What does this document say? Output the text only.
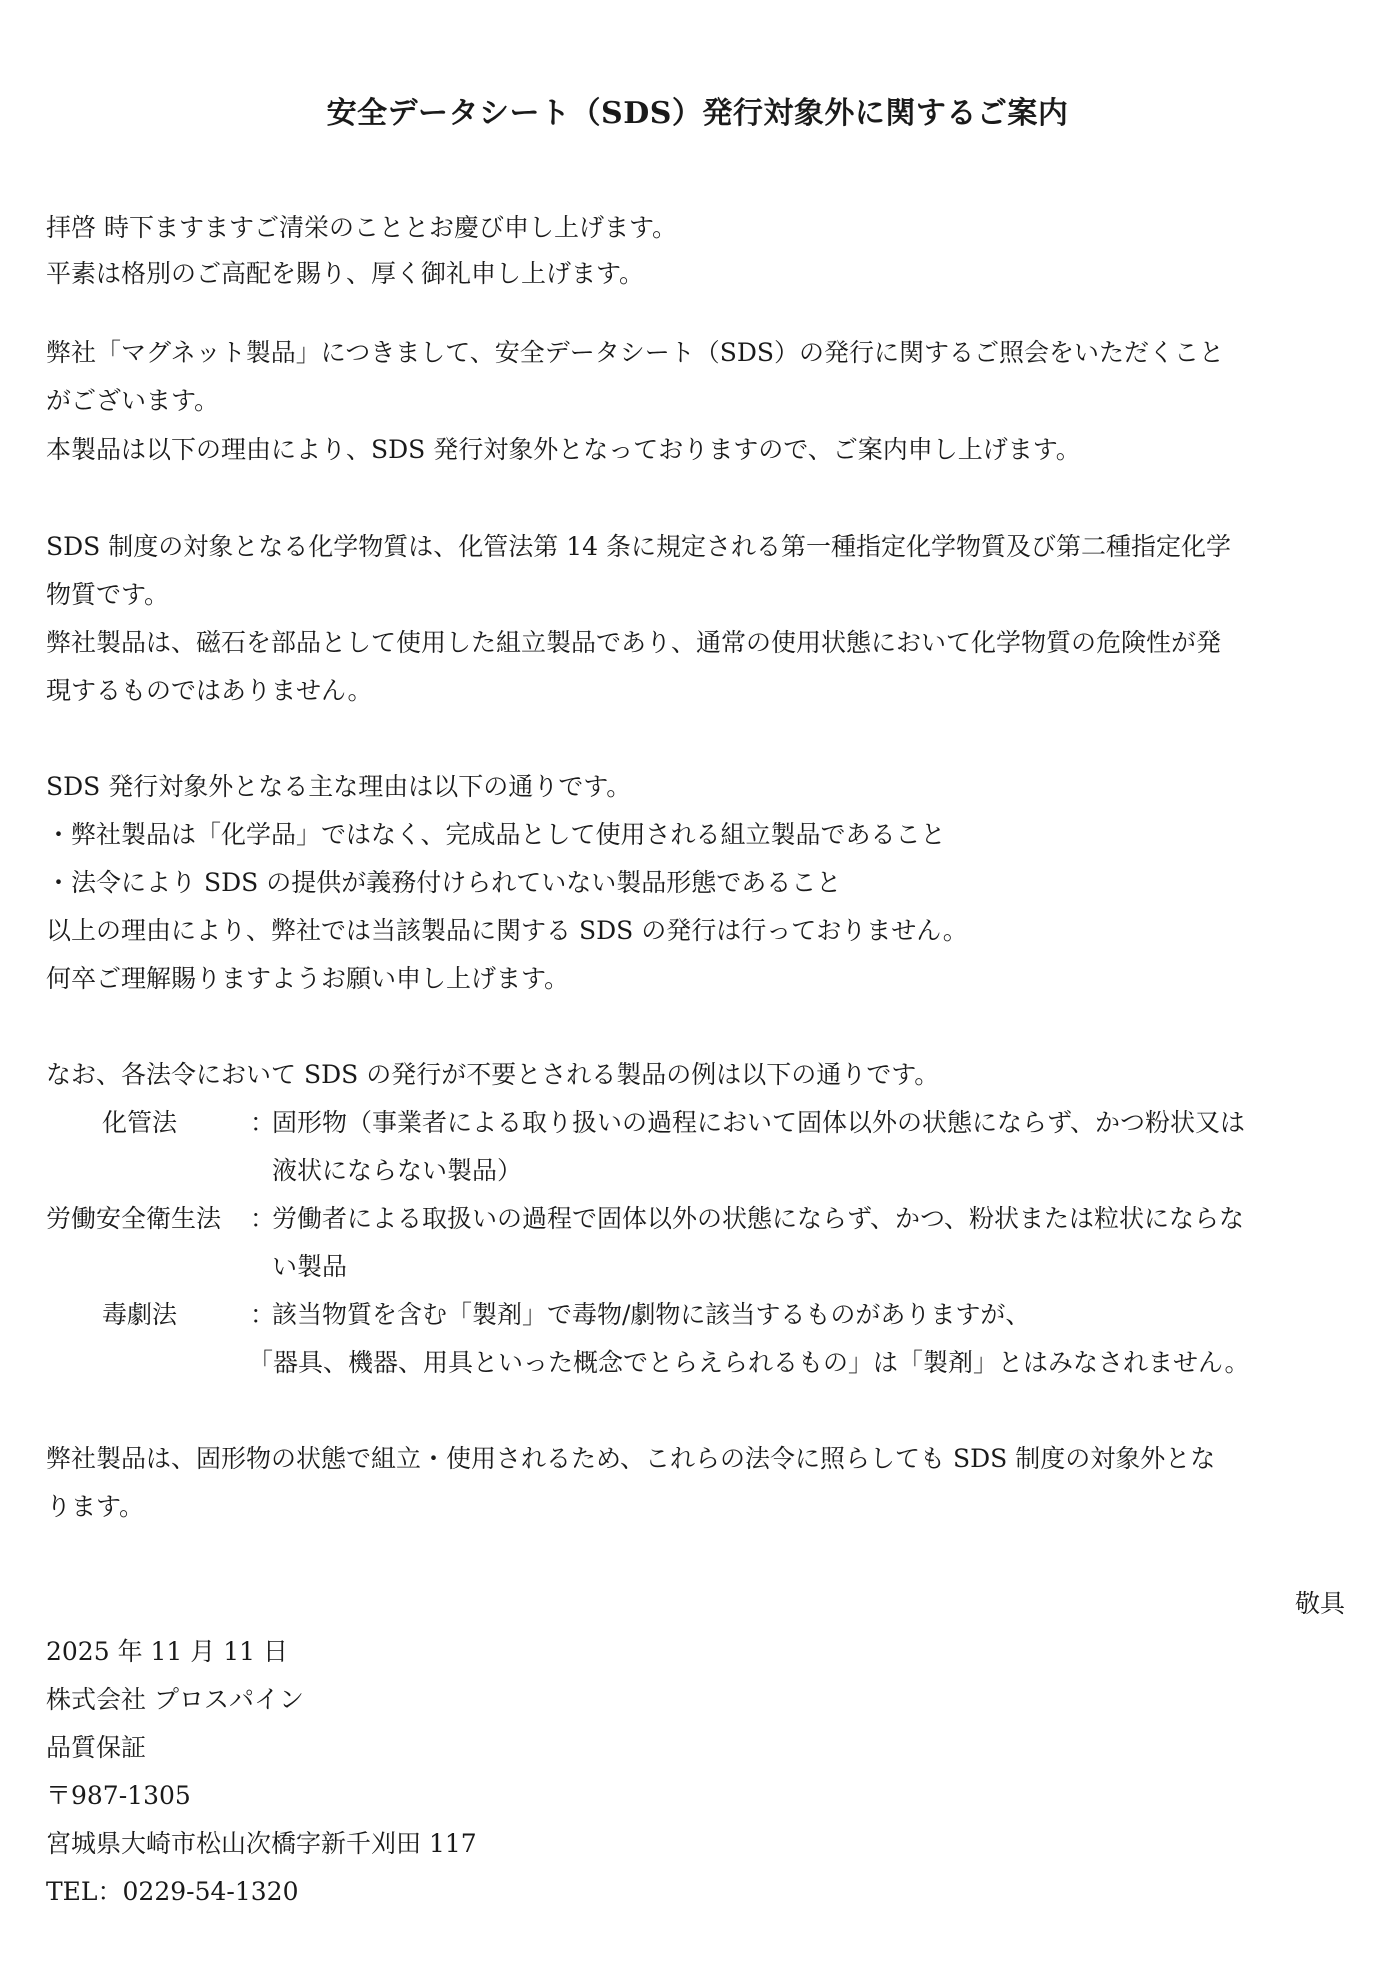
安全データシート（SDS）発行対象外に関するご案内
拝啓 時下ますますご清栄のこととお慶び申し上げます。
平素は格別のご高配を賜り、厚く御礼申し上げます。
弊社「マグネット製品」につきまして、安全データシート（SDS）の発行に関するご照会をいただくこと
がございます。
本製品は以下の理由により、SDS 発行対象外となっておりますので、ご案内申し上げます。
SDS 制度の対象となる化学物質は、化管法第 14 条に規定される第一種指定化学物質及び第二種指定化学
物質です。
弊社製品は、磁石を部品として使用した組立製品であり、通常の使用状態において化学物質の危険性が発
現するものではありません。
SDS 発行対象外となる主な理由は以下の通りです。
・弊社製品は「化学品」ではなく、完成品として使用される組立製品であること
・法令により SDS の提供が義務付けられていない製品形態であること
以上の理由により、弊社では当該製品に関する SDS の発行は行っておりません。
何卒ご理解賜りますようお願い申し上げます。
なお、各法令において SDS の発行が不要とされる製品の例は以下の通りです。
化管法	：
固形物（事業者による取り扱いの過程において固体以外の状態にならず、かつ粉状又は
液状にならない製品）
労働安全衛生法 ：
労働者による取扱いの過程で固体以外の状態にならず、かつ、粉状または粒状にならな
い製品
毒劇法	：
該当物質を含む「製剤」で毒物/劇物に該当するものがありますが、
「器具、機器、用具といった概念でとらえられるもの」は「製剤」とはみなされません。
弊社製品は、固形物の状態で組立・使用されるため、これらの法令に照らしても SDS 制度の対象外とな
ります。
敬具
2025 年 11 月 11 日
株式会社 プロスパイン
品質保証
〒987-1305
宮城県大崎市松山次橋字新千刈田 117
TEL：0229-54-1320
